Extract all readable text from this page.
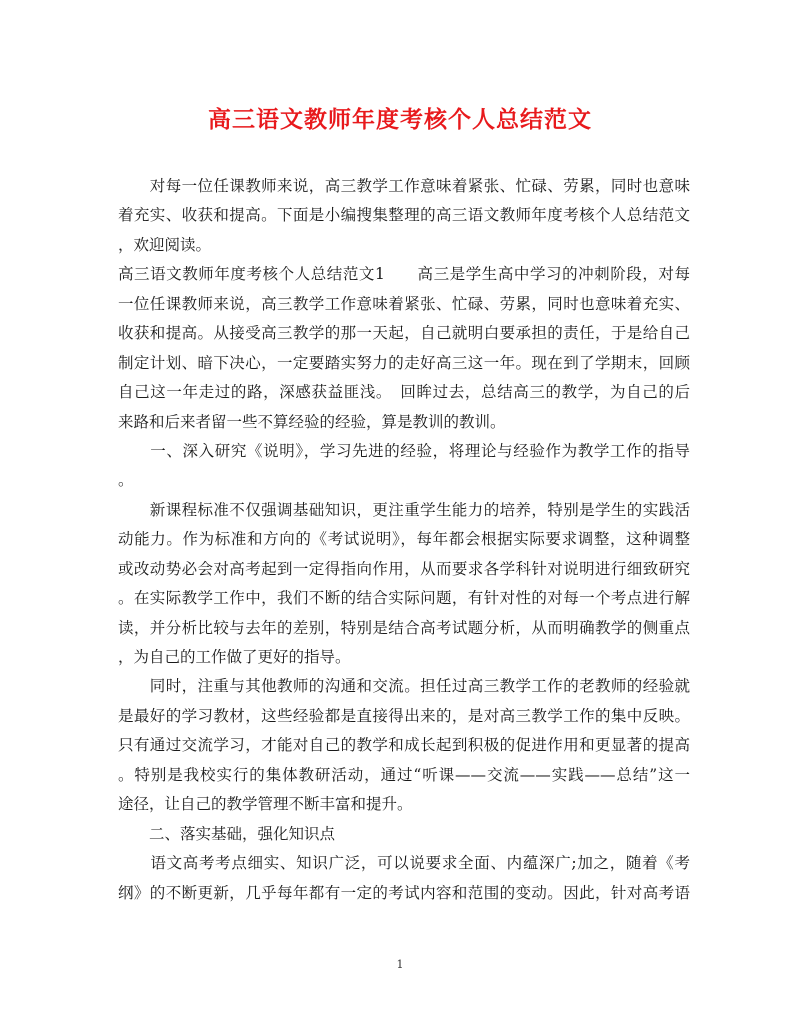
高三语文教师年度考核个人总结范文
　　对每一位任课教师来说，高三教学工作意味着紧张、忙碌、劳累，同时也意味
着充实、收获和提高。下面是小编搜集整理的高三语文教师年度考核个人总结范文
，欢迎阅读。
高三语文教师年度考核个人总结范文1　　高三是学生高中学习的冲刺阶段，对每
一位任课教师来说，高三教学工作意味着紧张、忙碌、劳累，同时也意味着充实、
收获和提高。从接受高三教学的那一天起，自己就明白要承担的责任，于是给自己
制定计划、暗下决心，一定要踏实努力的走好高三这一年。现在到了学期末，回顾
自己这一年走过的路，深感获益匪浅。　回眸过去，总结高三的教学，为自己的后
来路和后来者留一些不算经验的经验，算是教训的教训。
　　一、深入研究《说明》，学习先进的经验，将理论与经验作为教学工作的指导
。
　　新课程标准不仅强调基础知识，更注重学生能力的培养，特别是学生的实践活
动能力。作为标准和方向的《考试说明》，每年都会根据实际要求调整，这种调整
或改动势必会对高考起到一定得指向作用，从而要求各学科针对说明进行细致研究
。在实际教学工作中，我们不断的结合实际问题，有针对性的对每一个考点进行解
读，并分析比较与去年的差别，特别是结合高考试题分析，从而明确教学的侧重点
，为自己的工作做了更好的指导。
　　同时，注重与其他教师的沟通和交流。担任过高三教学工作的老教师的经验就
是最好的学习教材，这些经验都是直接得出来的，是对高三教学工作的集中反映。
只有通过交流学习，才能对自己的教学和成长起到积极的促进作用和更显著的提高
。特别是我校实行的集体教研活动，通过“听课——交流——实践——总结”这一
途径，让自己的教学管理不断丰富和提升。
　　二、落实基础，强化知识点
　　语文高考考点细实、知识广泛，可以说要求全面、内蕴深广;加之，随着《考
纲》的不断更新，几乎每年都有一定的考试内容和范围的变动。因此，针对高考语
1
